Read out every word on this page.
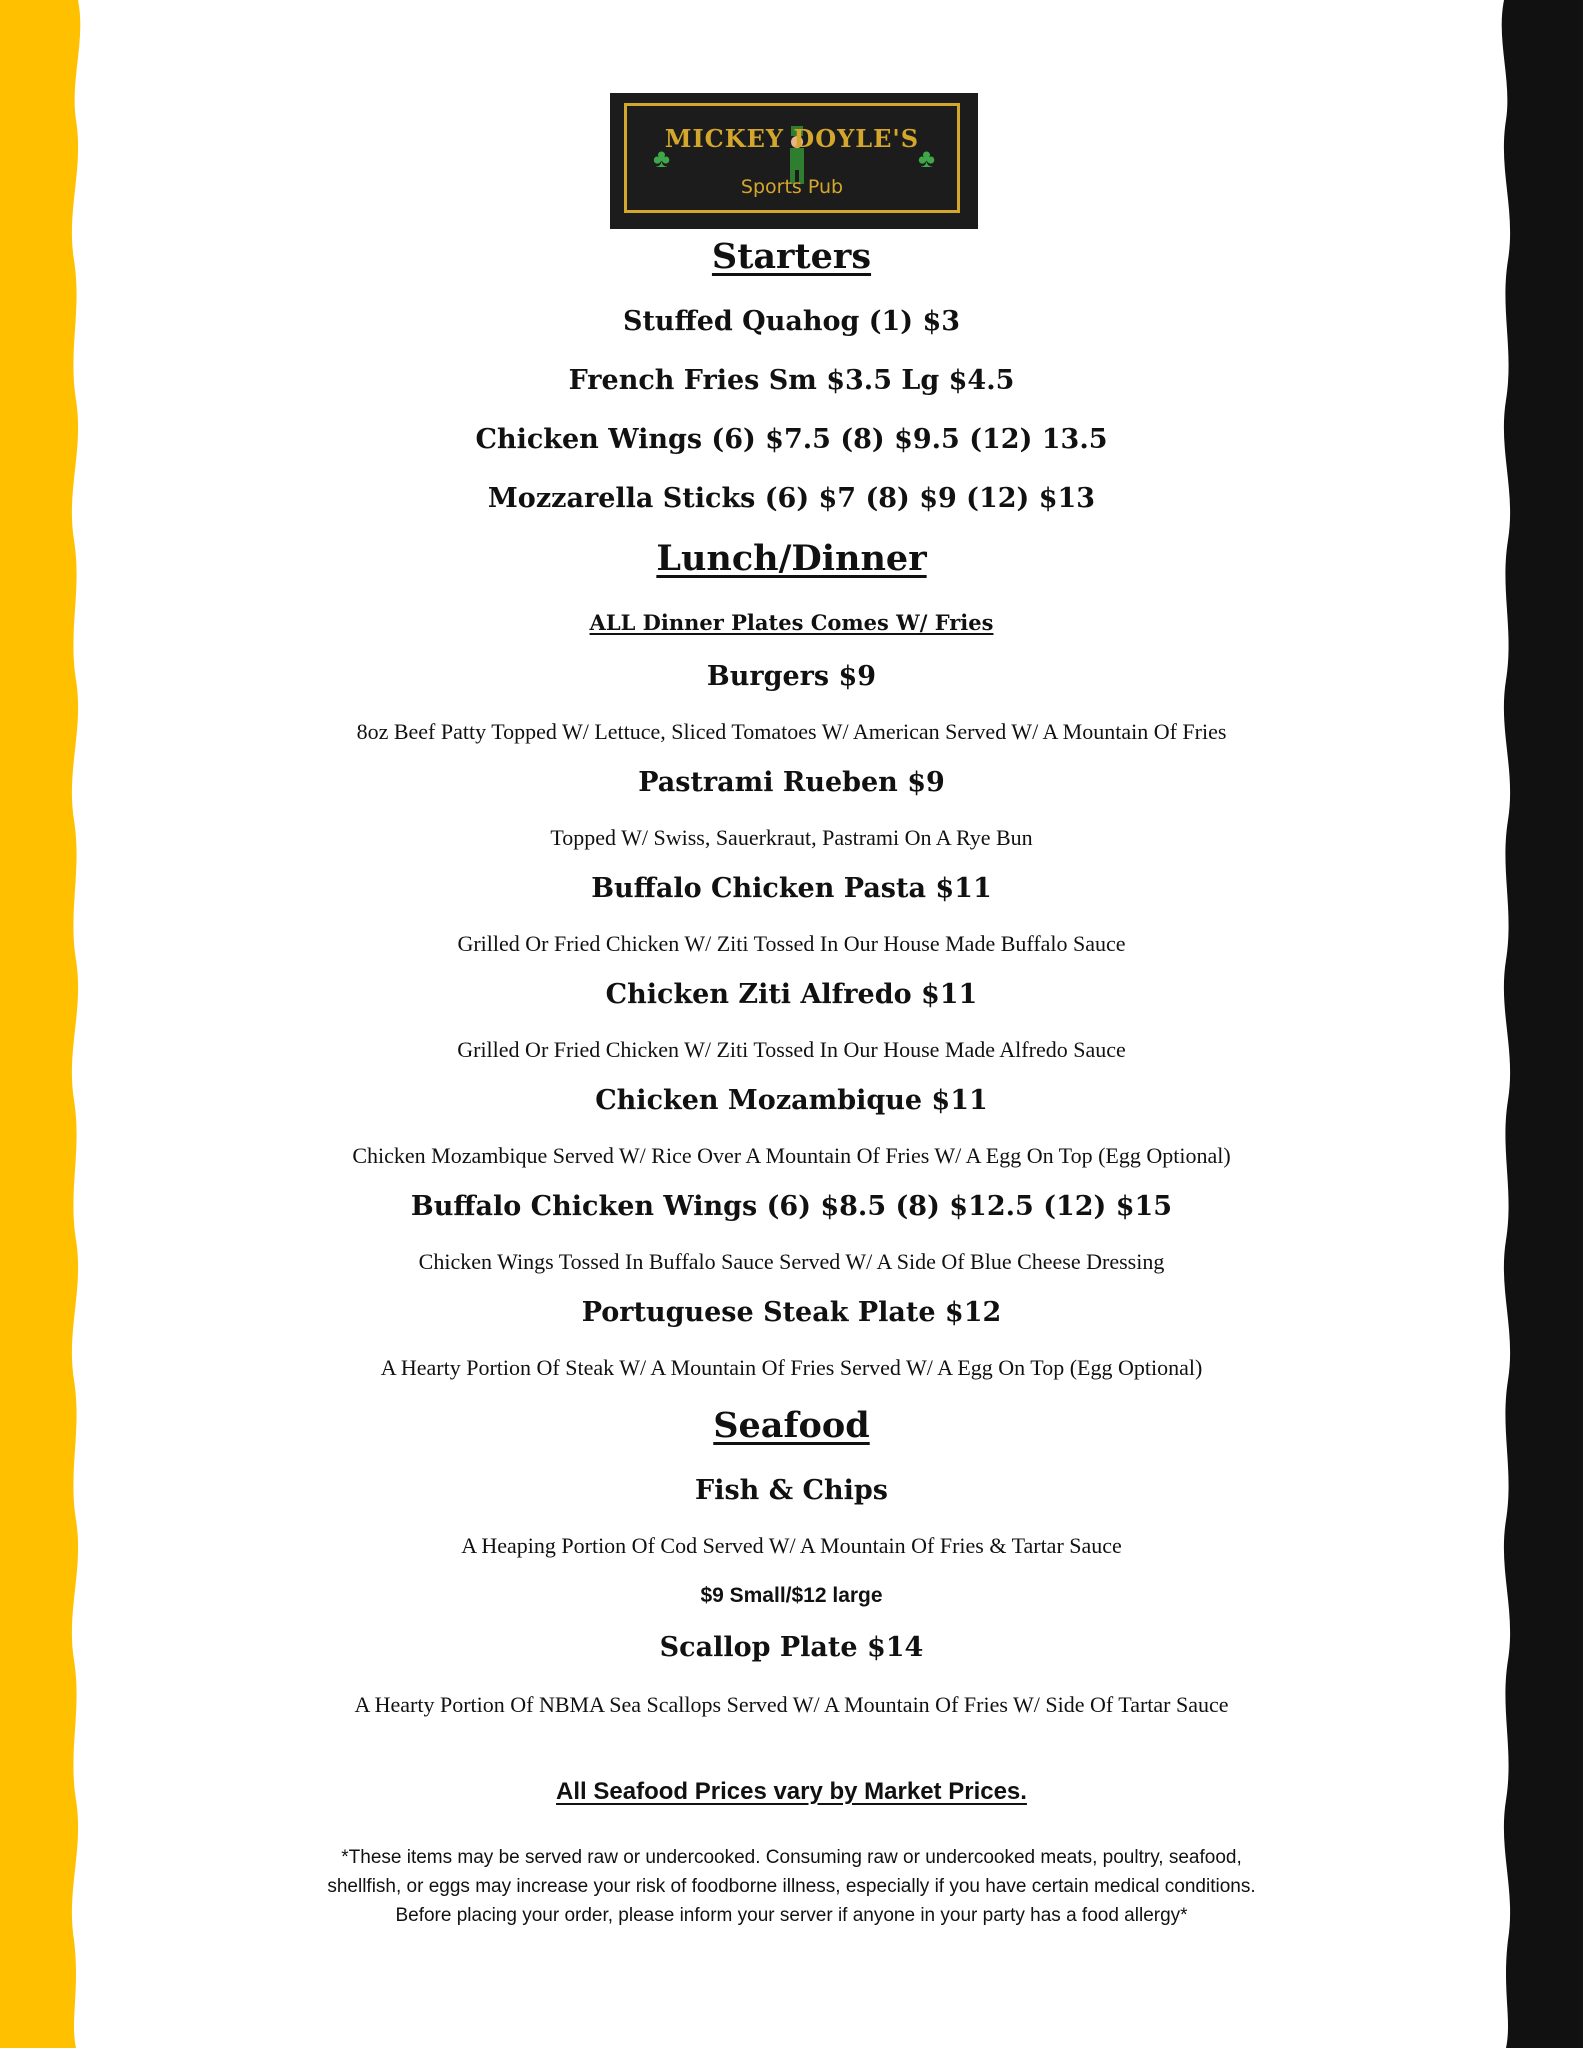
♣	♣
MICKEY DOYLE'S
Sports Pub
Starters
Stuffed Quahog (1) $3
French Fries Sm $3.5 Lg $4.5
Chicken Wings (6) $7.5 (8) $9.5 (12) 13.5
Mozzarella Sticks (6) $7 (8) $9 (12) $13
Lunch/Dinner
ALL Dinner Plates Comes W/ Fries
Burgers $9
8oz Beef Patty Topped W/ Lettuce, Sliced Tomatoes W/ American Served W/ A Mountain Of Fries
Pastrami Rueben $9
Topped W/ Swiss, Sauerkraut, Pastrami On A Rye Bun
Buffalo Chicken Pasta $11
Grilled Or Fried Chicken W/ Ziti Tossed In Our House Made Buffalo Sauce
Chicken Ziti Alfredo $11
Grilled Or Fried Chicken W/ Ziti Tossed In Our House Made Alfredo Sauce
Chicken Mozambique $11
Chicken Mozambique Served W/ Rice Over A Mountain Of Fries W/ A Egg On Top (Egg Optional)
Buffalo Chicken Wings (6) $8.5 (8) $12.5 (12) $15
Chicken Wings Tossed In Buffalo Sauce Served W/ A Side Of Blue Cheese Dressing
Portuguese Steak Plate $12
A Hearty Portion Of Steak W/ A Mountain Of Fries Served W/ A Egg On Top (Egg Optional)
Seafood
Fish & Chips
A Heaping Portion Of Cod Served W/ A Mountain Of Fries & Tartar Sauce
$9 Small/$12 large
Scallop Plate $14
A Hearty Portion Of NBMA Sea Scallops Served W/ A Mountain Of Fries W/ Side Of Tartar Sauce
All Seafood Prices vary by Market Prices.
*These items may be served raw or undercooked. Consuming raw or undercooked meats, poultry, seafood,
shellfish, or eggs may increase your risk of foodborne illness, especially if you have certain medical conditions.
Before placing your order, please inform your server if anyone in your party has a food allergy*
